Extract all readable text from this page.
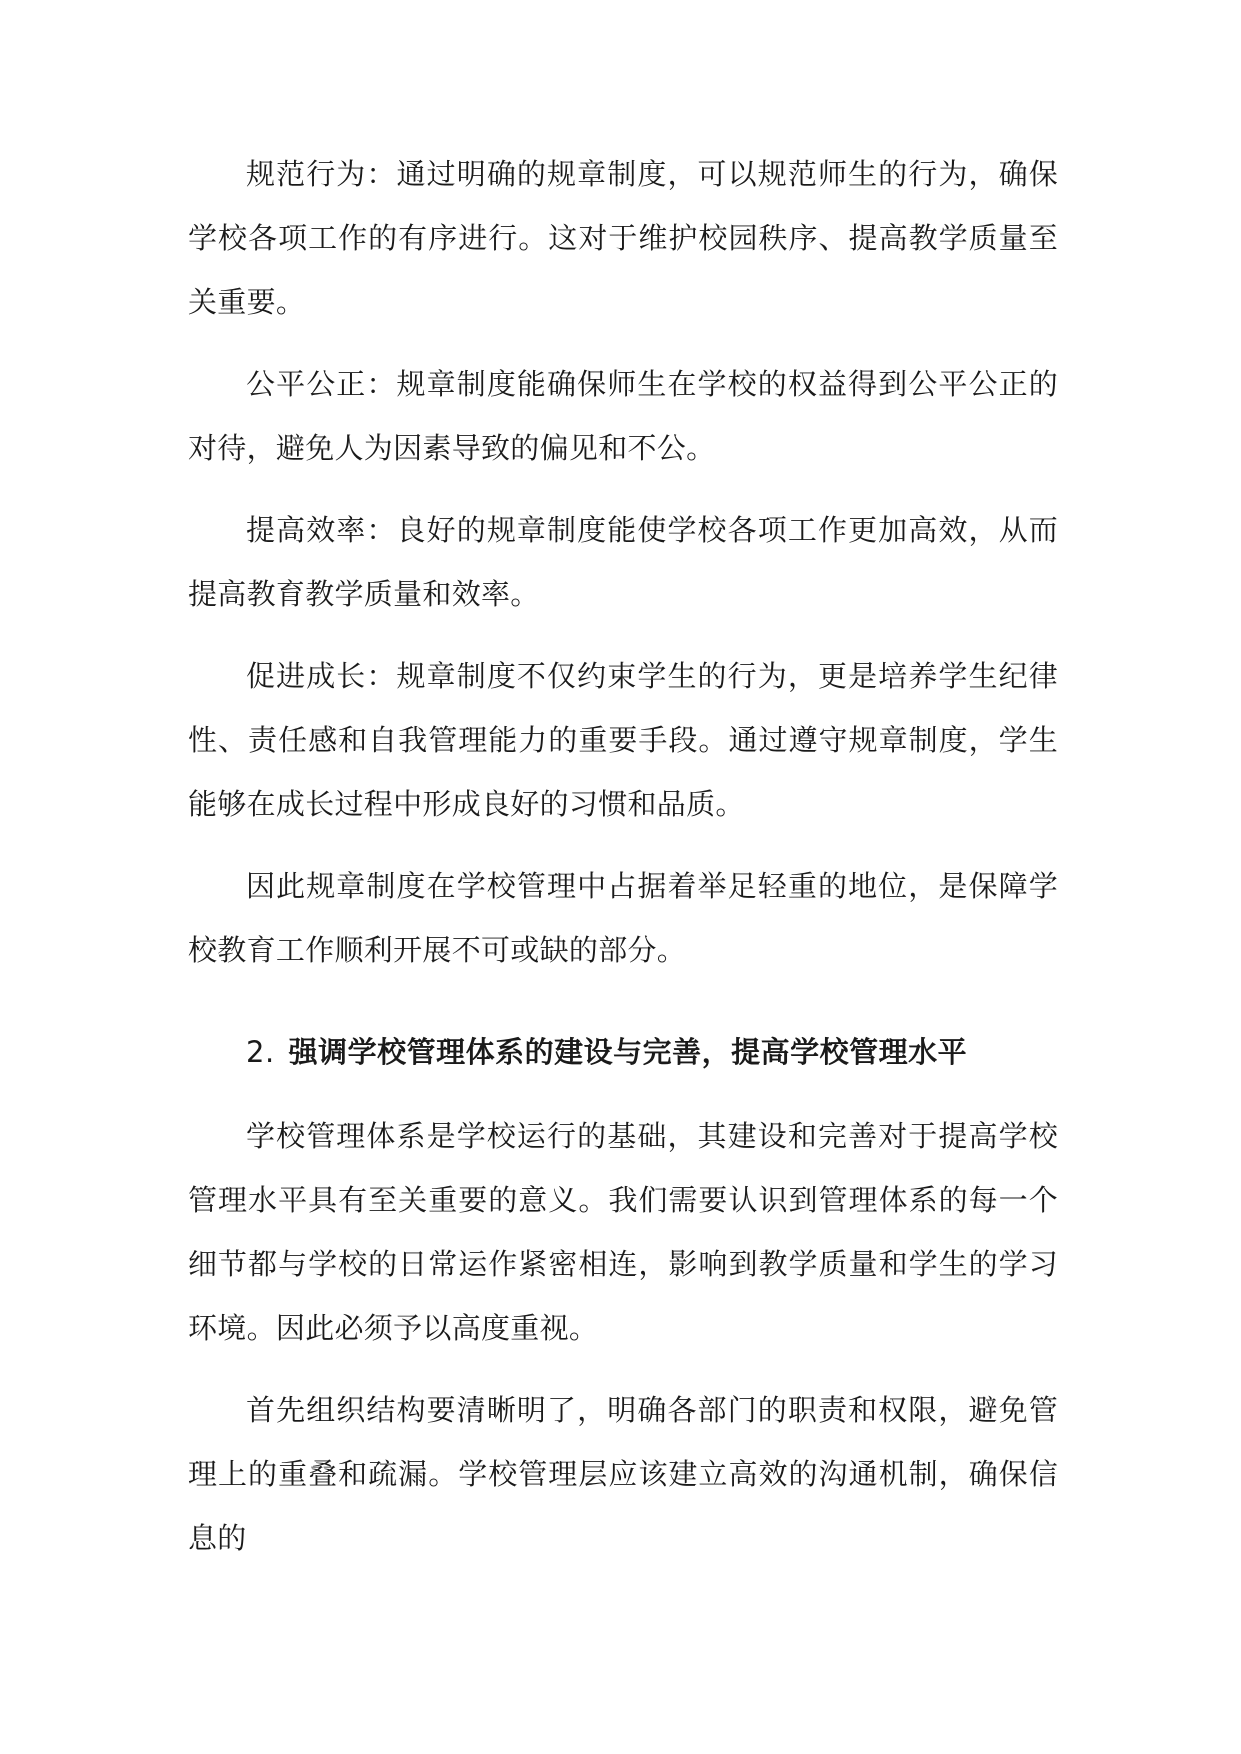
规范行为：通过明确的规章制度，可以规范师生的行为，确保学校各项工作的有序进行。这对于维护校园秩序、提高教学质量至关重要。

公平公正：规章制度能确保师生在学校的权益得到公平公正的对待，避免人为因素导致的偏见和不公。

提高效率：良好的规章制度能使学校各项工作更加高效，从而提高教育教学质量和效率。

促进成长：规章制度不仅约束学生的行为，更是培养学生纪律性、责任感和自我管理能力的重要手段。通过遵守规章制度，学生能够在成长过程中形成良好的习惯和品质。

因此规章制度在学校管理中占据着举足轻重的地位，是保障学校教育工作顺利开展不可或缺的部分。

2. 强调学校管理体系的建设与完善，提高学校管理水平

学校管理体系是学校运行的基础，其建设和完善对于提高学校管理水平具有至关重要的意义。我们需要认识到管理体系的每一个细节都与学校的日常运作紧密相连，影响到教学质量和学生的学习环境。因此必须予以高度重视。

首先组织结构要清晰明了，明确各部门的职责和权限，避免管理上的重叠和疏漏。学校管理层应该建立高效的沟通机制，确保信息的
